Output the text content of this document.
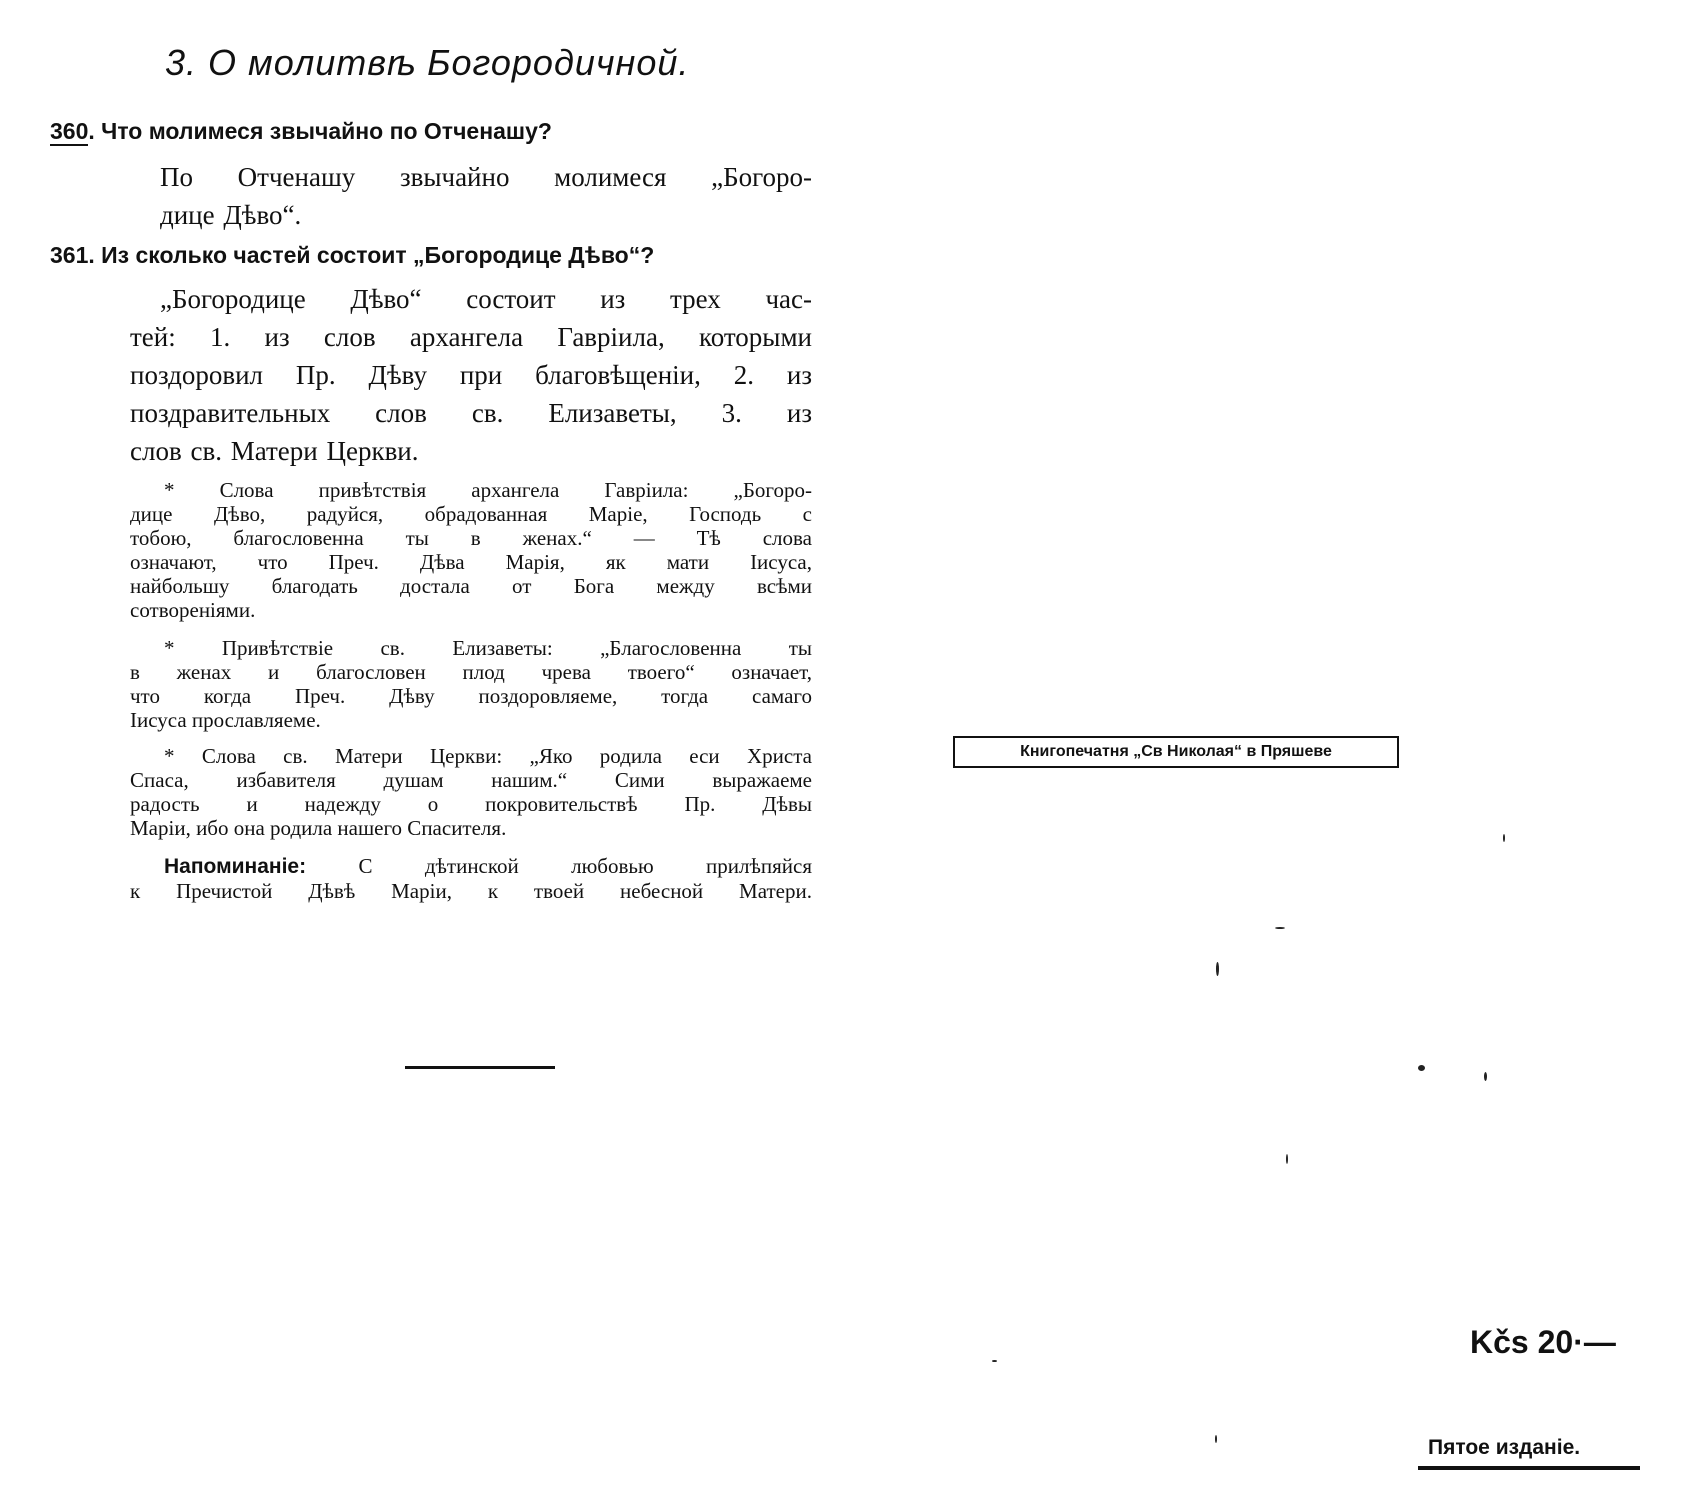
3. О молитвѣ Богородичной.

360. Что молимеся звычайно по Отченашу?

По Отченашу звычайно молимеся „Богоро-
дице Дѣво“.

361. Из сколько частей состоит „Богородице Дѣво“?

„Богородице Дѣво“ состоит из трех час-
тей: 1. из слов архангела Гавріила, которыми
поздоровил Пр. Дѣву при благовѣщеніи, 2. из
поздравительных слов св. Елизаветы, 3. из
слов св. Матери Церкви.
* Слова привѣтствія архангела Гавріила: „Богоро-
дице Дѣво, радуйся, обрадованная Маріе, Господь с
тобою, благословенна ты в женах.“ — Тѣ слова
означают, что Преч. Дѣва Марія, як мати Іисуса,
найбольшу благодать достала от Бога между всѣми
сотвореніями.
* Привѣтствіе св. Елизаветы: „Благословенна ты
в женах и благословен плод чрева твоего“ означает,
что когда Преч. Дѣву поздоровляеме, тогда самаго
Іисуса прославляеме.
* Слова св. Матери Церкви: „Яко родила еси Христа
Спаса, избавителя душам нашим.“ Сими выражаеме
радость и надежду о покровительствѣ Пр. Дѣвы
Маріи, ибо она родила нашего Спасителя.
Напоминаніе: С дѣтинской любовью прилѣпяйся
к Пречистой Дѣвѣ Маріи, к твоей небесной Матери.
Книгопечатня „Св Николая“ в Пряшеве

Kčs 20·—

Пятое изданіе.
